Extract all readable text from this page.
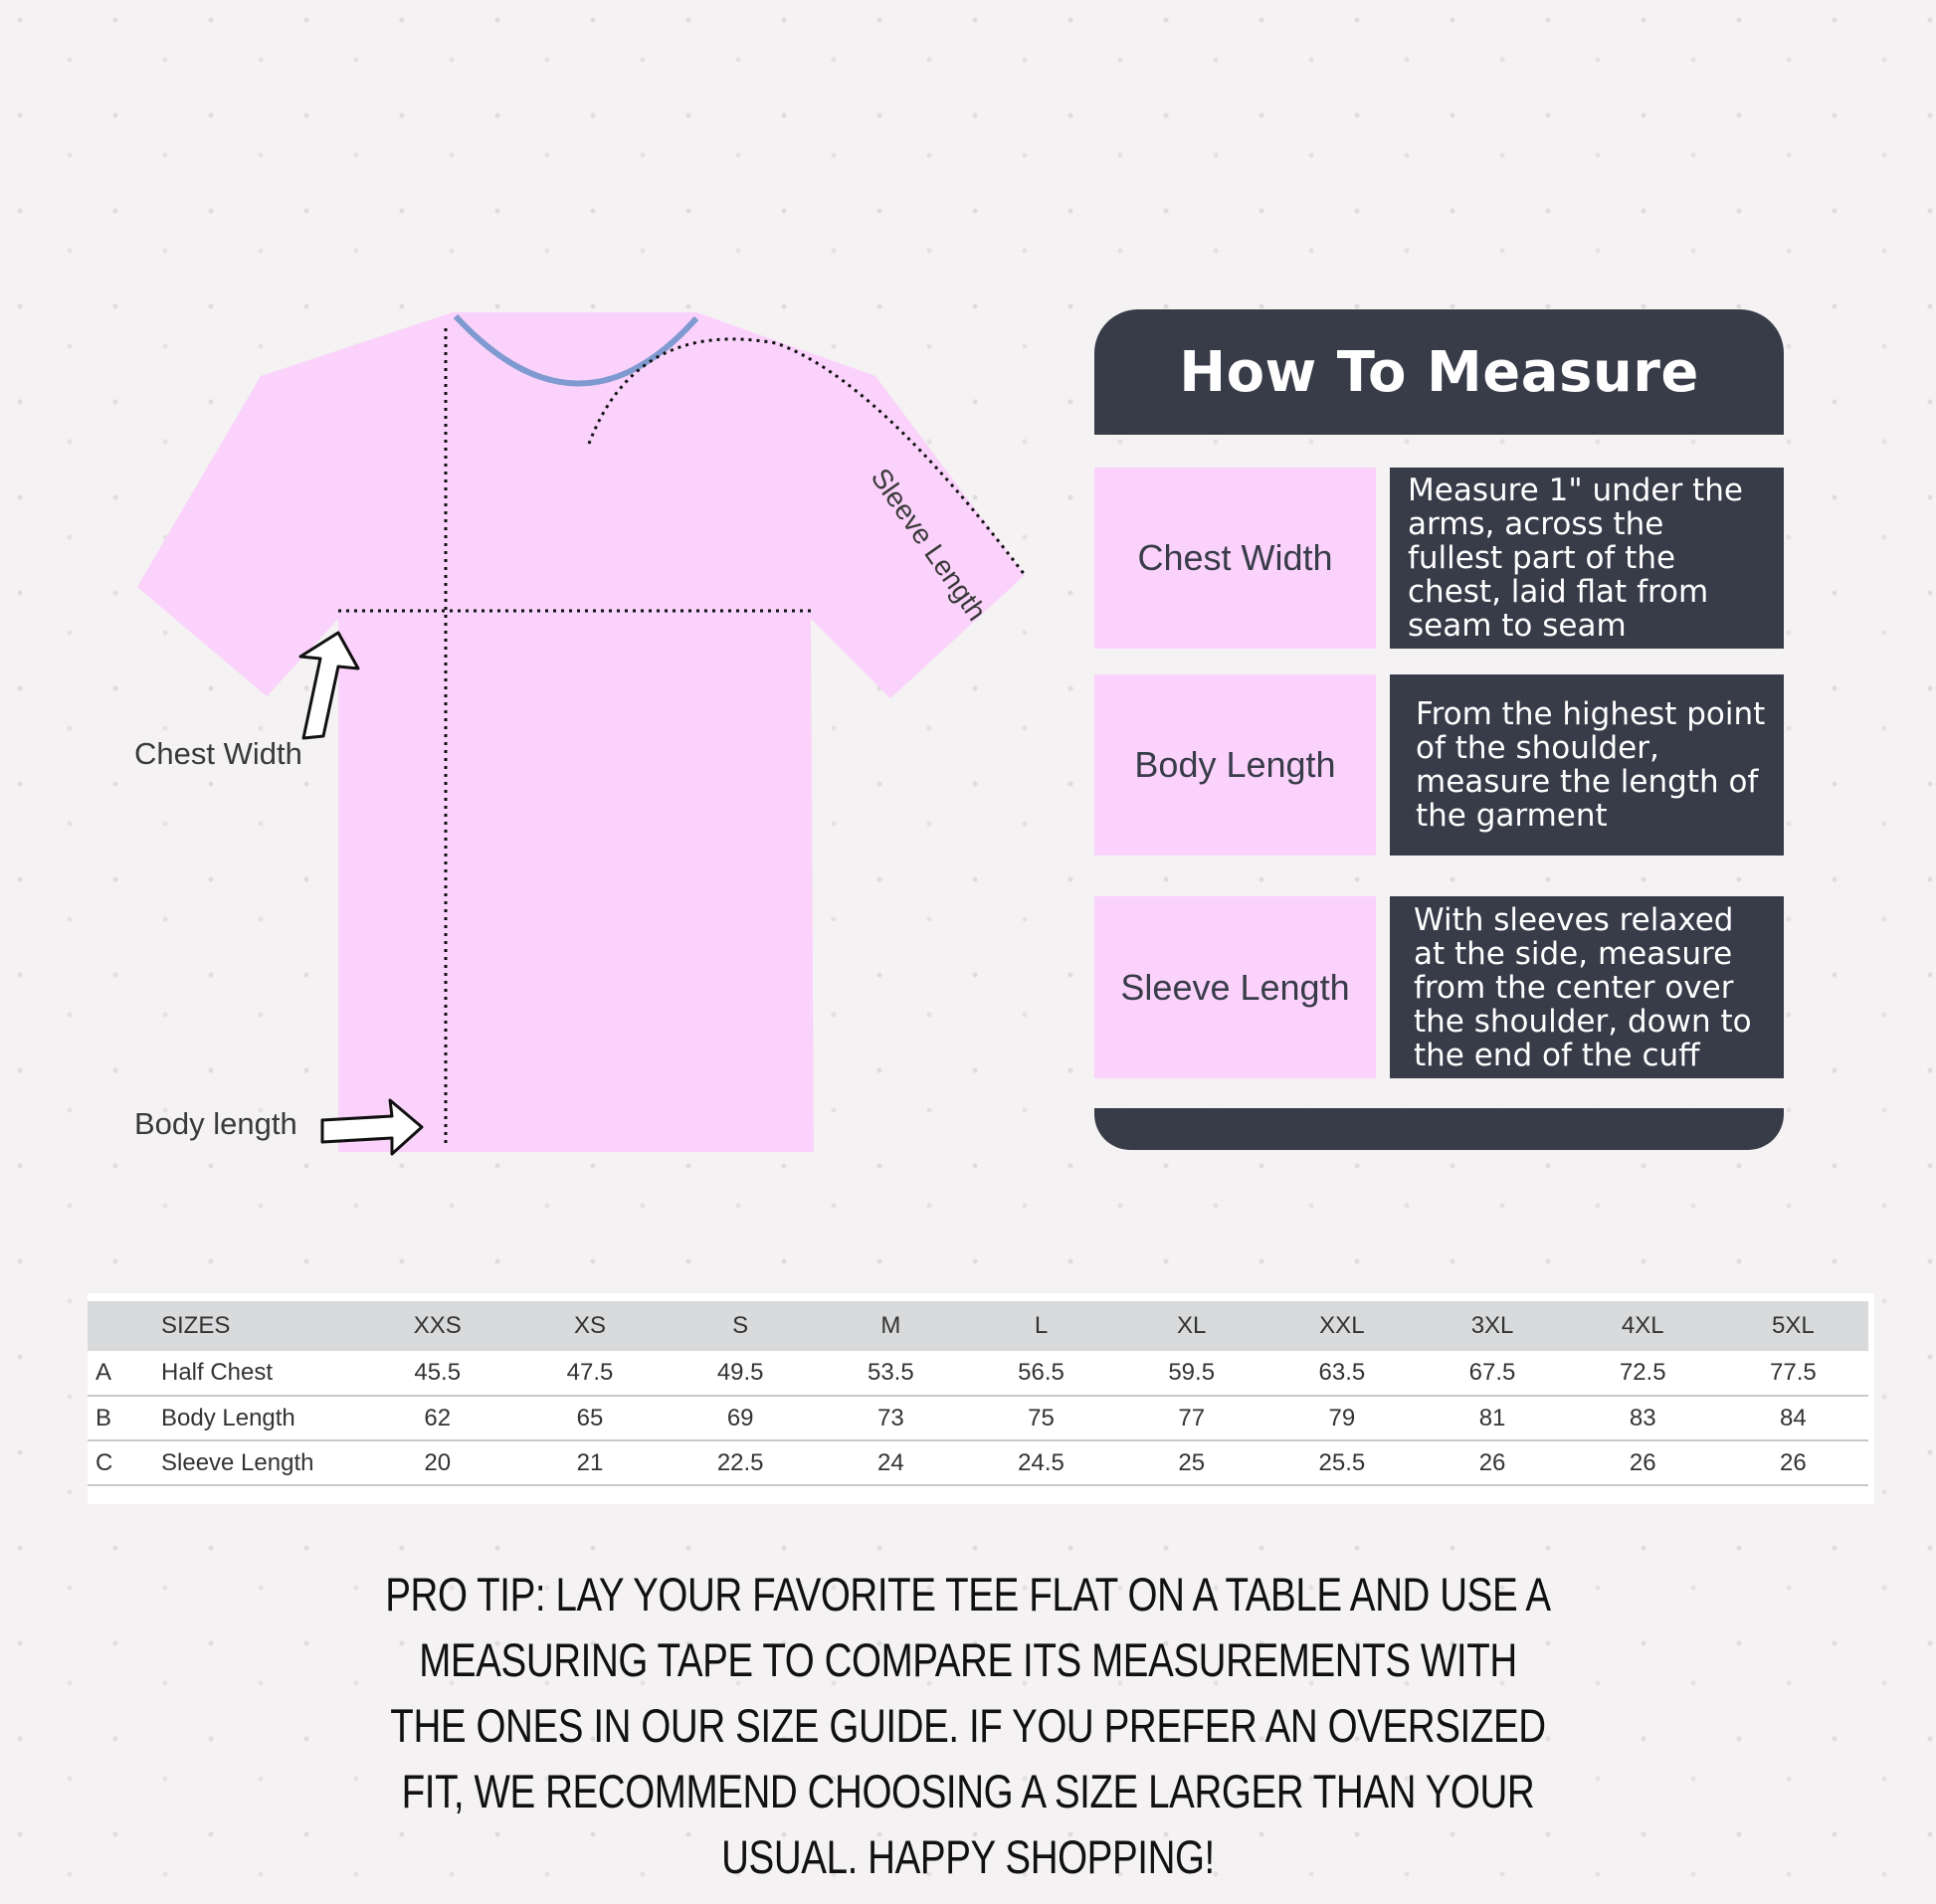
Chest Width
Body length
Sleeve Length
How To Measure
Chest Width
Measure 1" under the arms, across the fullest part of the chest, laid flat from seam to seam
Body Length
From the highest point of the shoulder, measure the length of the garment
Sleeve Length
With sleeves relaxed at the side, measure from the center over the shoulder, down to the end of the cuff
	SIZES	XXS	XS	S	M	L	XL	XXL	3XL	4XL	5XL
A	Half Chest	45.5	47.5	49.5	53.5	56.5	59.5	63.5	67.5	72.5	77.5
B	Body Length	62	65	69	73	75	77	79	81	83	84
C	Sleeve Length	20	21	22.5	24	24.5	25	25.5	26	26	26
PRO TIP: LAY YOUR FAVORITE TEE FLAT ON A TABLE AND USE A MEASURING TAPE TO COMPARE ITS MEASUREMENTS WITH THE ONES IN OUR SIZE GUIDE. IF YOU PREFER AN OVERSIZED FIT, WE RECOMMEND CHOOSING A SIZE LARGER THAN YOUR USUAL. HAPPY SHOPPING!
